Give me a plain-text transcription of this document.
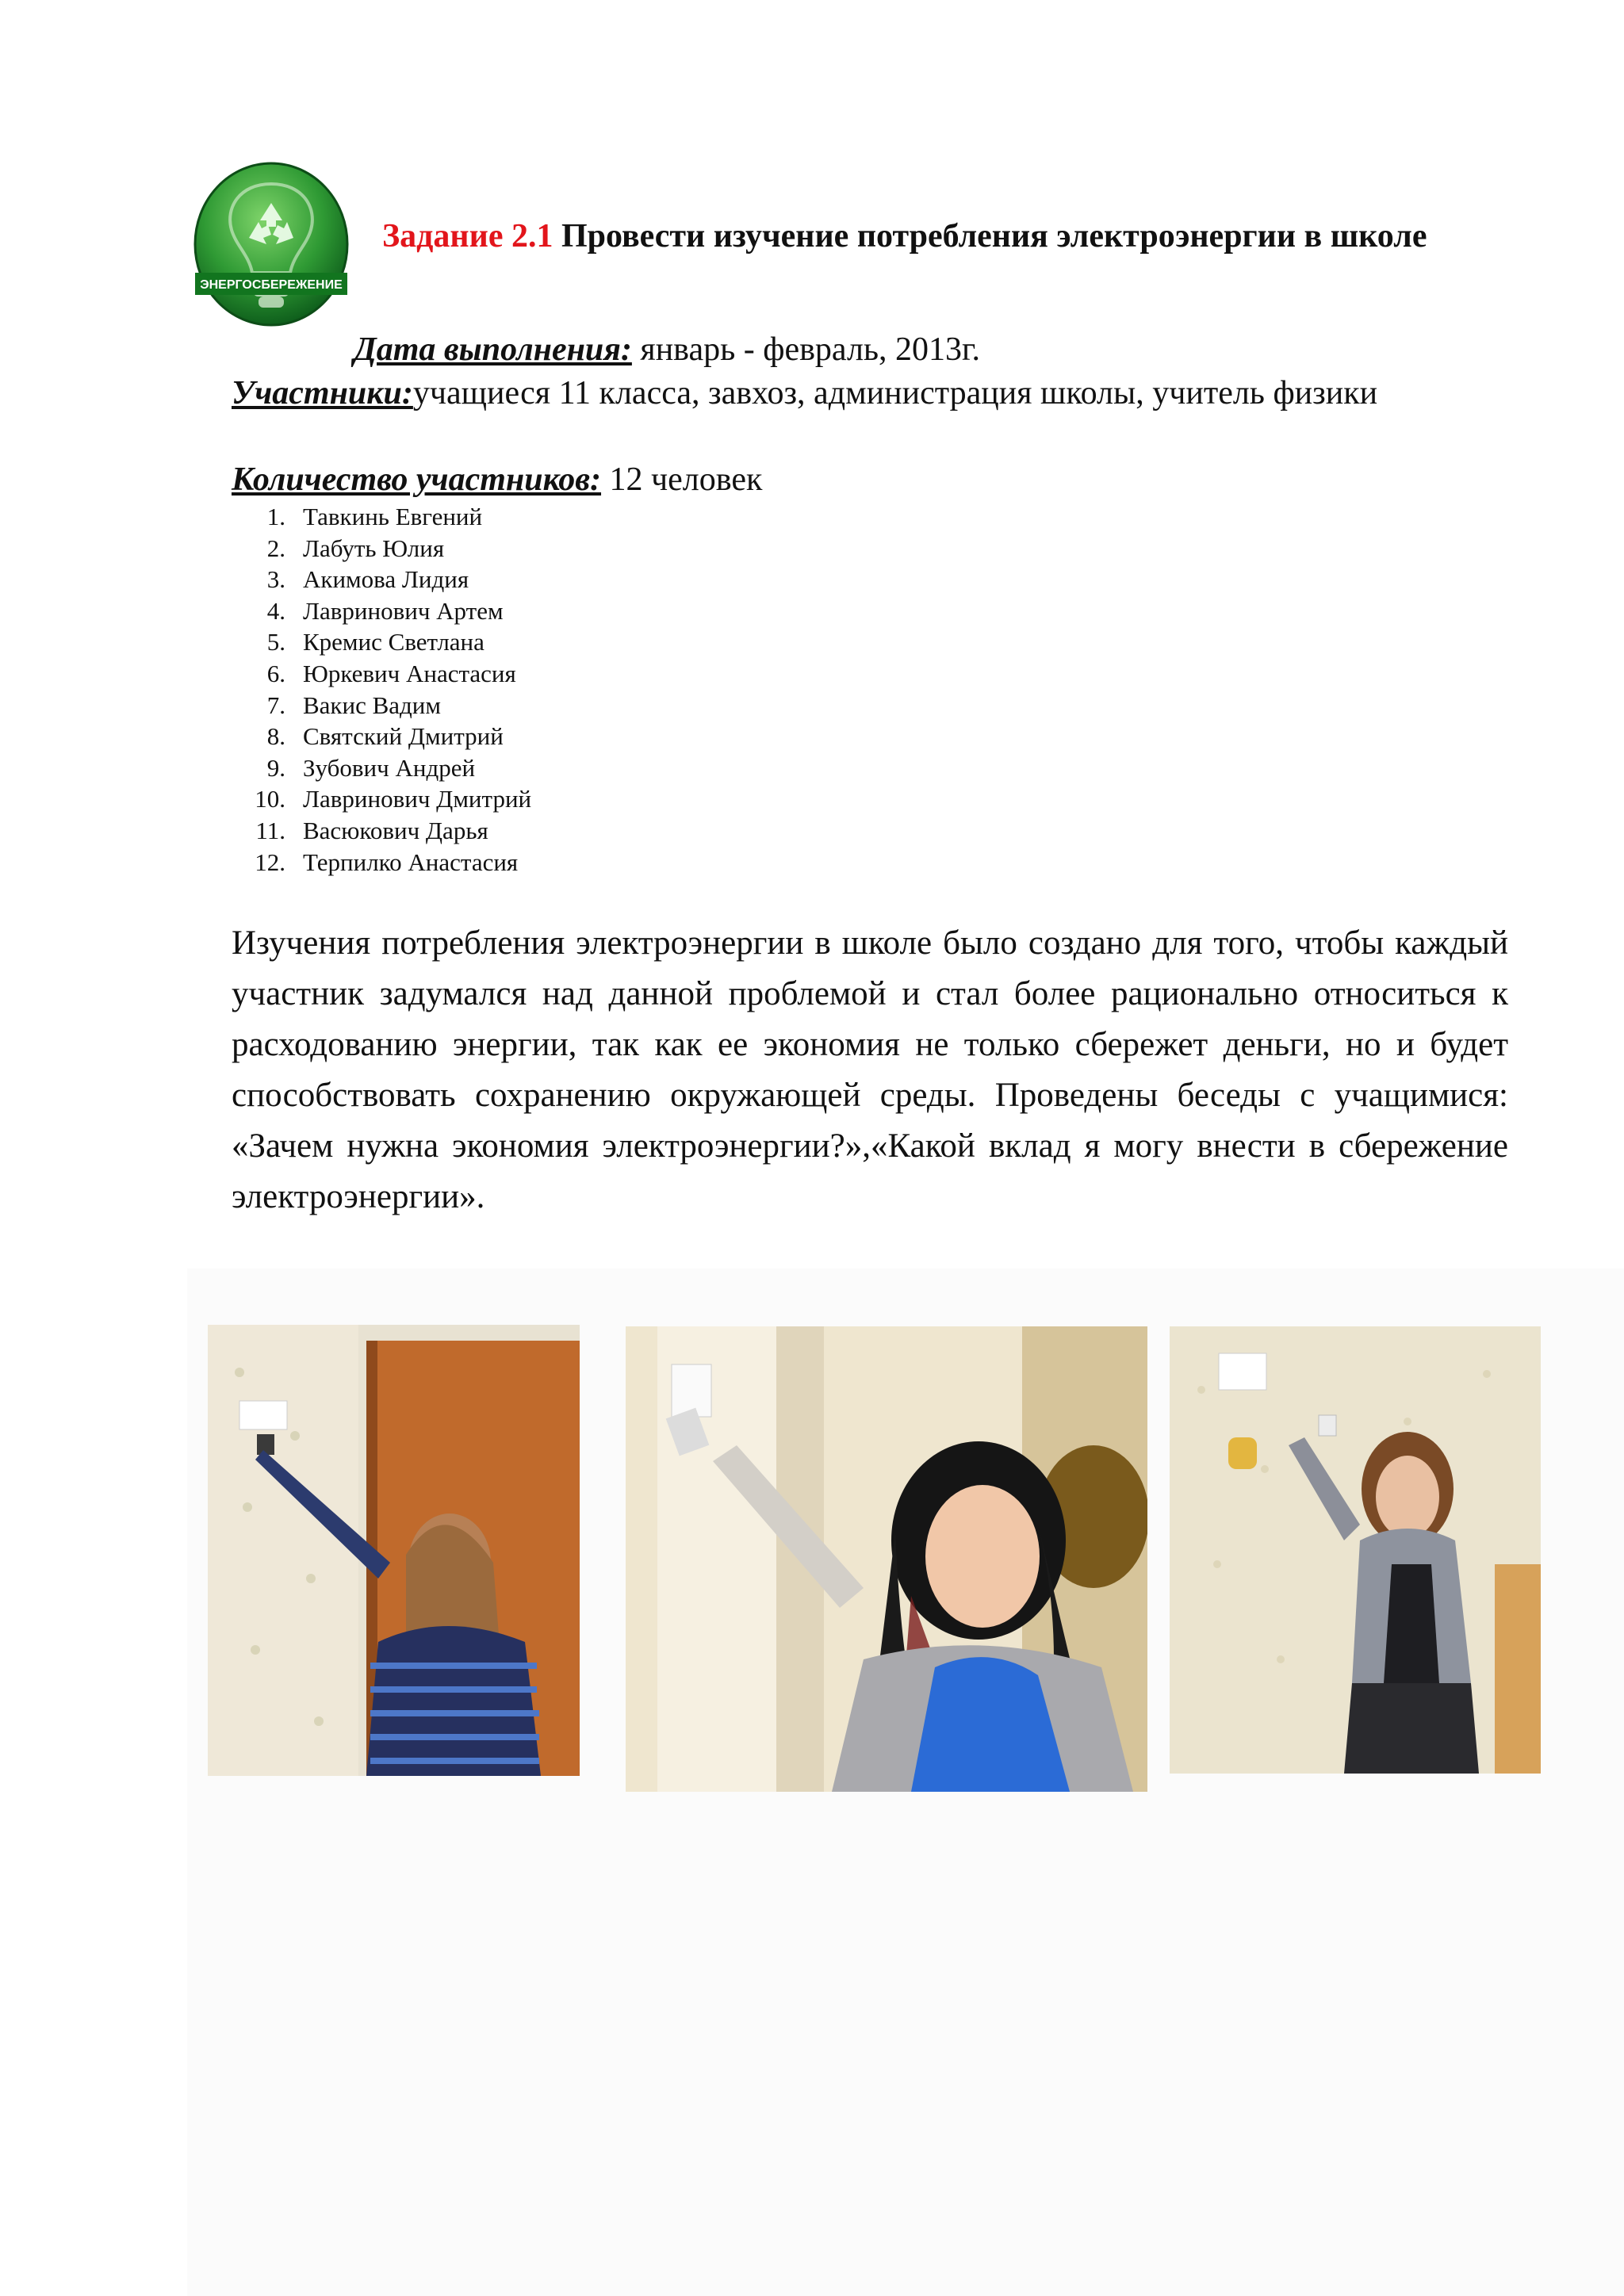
ЭНЕРГОСБЕРЕЖЕНИЕ
Задание 2.1 Провести изучение потребления электроэнергии в школе
Дата выполнения: январь - февраль, 2013г.
Участники:учащиеся 11 класса, завхоз, администрация школы, учитель физики
Количество участников: 12 человек
1. Тавкинь Евгений
2. Лабуть Юлия
3. Акимова Лидия
4. Лавринович Артем
5. Кремис Светлана
6. Юркевич Анастасия
7. Вакис Вадим
8. Святский Дмитрий
9. Зубович Андрей
10. Лавринович Дмитрий
11. Васюкович Дарья
12. Терпилко Анастасия

Изучения потребления электроэнергии в школе было создано для того, чтобы каждый участник задумался над данной проблемой и стал более рационально относиться к расходованию энергии, так как ее экономия не только сбережет деньги, но и будет способствовать сохранению окружающей среды. Проведены беседы с учащимися: «Зачем нужна экономия электроэнергии?»,«Какой вклад я могу внести в сбережение электроэнергии».
